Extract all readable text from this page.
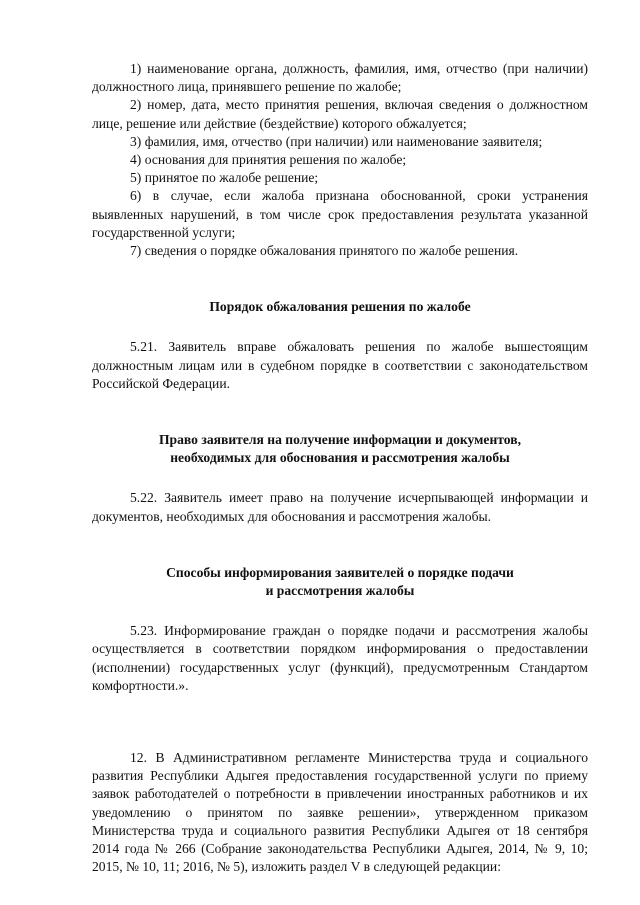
1) наименование органа, должность, фамилия, имя, отчество (при наличии) должностного лица, принявшего решение по жалобе;

2) номер, дата, место принятия решения, включая сведения о должностном лице, решение или действие (бездействие) которого обжалуется;

3) фамилия, имя, отчество (при наличии) или наименование заявителя;

4) основания для принятия решения по жалобе;

5) принятое по жалобе решение;

6) в случае, если жалоба признана обоснованной, сроки устранения выявленных нарушений, в том числе срок предоставления результата указанной государственной услуги;

7) сведения о порядке обжалования принятого по жалобе решения.

Порядок обжалования решения по жалобе

5.21. Заявитель вправе обжаловать решения по жалобе вышестоящим должностным лицам или в судебном порядке в соответствии с законодательством Российской Федерации.

Право заявителя на получение информации и документов,
необходимых для обоснования и рассмотрения жалобы

5.22. Заявитель имеет право на получение исчерпывающей информации и документов, необходимых для обоснования и рассмотрения жалобы.

Способы информирования заявителей о порядке подачи
и рассмотрения жалобы

5.23. Информирование граждан о порядке подачи и рассмотрения жалобы осуществляется в соответствии порядком информирования о предоставлении (исполнении) государственных услуг (функций), предусмотренным Стандартом комфортности.».

12. В Административном регламенте Министерства труда и социального развития Республики Адыгея предоставления государственной услуги по приему заявок работодателей о потребности в привлечении иностранных работников и их уведомлению о принятом по заявке решении», утвержденном приказом Министерства труда и социального развития Республики Адыгея от 18 сентября 2014 года № 266 (Собрание законодательства Республики Адыгея, 2014, № 9, 10; 2015, № 10, 11; 2016, № 5), изложить раздел V в следующей редакции:
